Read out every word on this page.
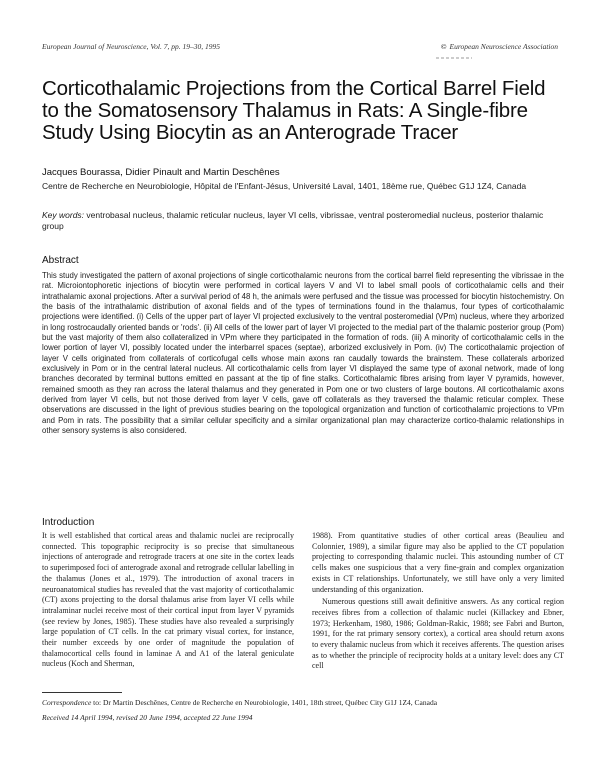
European Journal of Neuroscience, Vol. 7, pp. 19–30, 1995	© European Neuroscience Association
Corticothalamic Projections from the Cortical Barrel Field to the Somatosensory Thalamus in Rats: A Single-fibre Study Using Biocytin as an Anterograde Tracer
Jacques Bourassa, Didier Pinault and Martin Deschênes
Centre de Recherche en Neurobiologie, Hôpital de l'Enfant-Jésus, Université Laval, 1401, 18ème rue, Québec G1J 1Z4, Canada
Key words: ventrobasal nucleus, thalamic reticular nucleus, layer VI cells, vibrissae, ventral posteromedial nucleus, posterior thalamic group
Abstract
This study investigated the pattern of axonal projections of single corticothalamic neurons from the cortical barrel field representing the vibrissae in the rat. Microiontophoretic injections of biocytin were performed in cortical layers V and VI to label small pools of corticothalamic cells and their intrathalamic axonal projections. After a survival period of 48 h, the animals were perfused and the tissue was processed for biocytin histochemistry. On the basis of the intrathalamic distribution of axonal fields and of the types of terminations found in the thalamus, four types of corticothalamic projections were identified. (i) Cells of the upper part of layer VI projected exclusively to the ventral posteromedial (VPm) nucleus, where they arborized in long rostrocaudally oriented bands or 'rods'. (ii) All cells of the lower part of layer VI projected to the medial part of the thalamic posterior group (Pom) but the vast majority of them also collateralized in VPm where they participated in the formation of rods. (iii) A minority of corticothalamic cells in the lower portion of layer VI, possibly located under the interbarrel spaces (septae), arborized exclusively in Pom. (iv) The corticothalamic projection of layer V cells originated from collaterals of corticofugal cells whose main axons ran caudally towards the brainstem. These collaterals arborized exclusively in Pom or in the central lateral nucleus. All corticothalamic cells from layer VI displayed the same type of axonal network, made of long branches decorated by terminal buttons emitted en passant at the tip of fine stalks. Corticothalamic fibres arising from layer V pyramids, however, remained smooth as they ran across the lateral thalamus and they generated in Pom one or two clusters of large boutons. All corticothalamic axons derived from layer VI cells, but not those derived from layer V cells, gave off collaterals as they traversed the thalamic reticular complex. These observations are discussed in the light of previous studies bearing on the topological organization and function of corticothalamic projections to VPm and Pom in rats. The possibility that a similar cellular specificity and a similar organizational plan may characterize cortico-thalamic relationships in other sensory systems is also considered.
Introduction

It is well established that cortical areas and thalamic nuclei are reciprocally connected. This topographic reciprocity is so precise that simultaneous injections of anterograde and retrograde tracers at one site in the cortex leads to superimposed foci of anterograde axonal and retrograde cellular labelling in the thalamus (Jones et al., 1979). The introduction of axonal tracers in neuroanatomical studies has revealed that the vast majority of corticothalamic (CT) axons projecting to the dorsal thalamus arise from layer VI cells while intralaminar nuclei receive most of their cortical input from layer V pyramids (see review by Jones, 1985). These studies have also revealed a surprisingly large population of CT cells. In the cat primary visual cortex, for instance, their number exceeds by one order of magnitude the population of thalamocortical cells found in laminae A and A1 of the lateral geniculate nucleus (Koch and Sherman,

1988). From quantitative studies of other cortical areas (Beaulieu and Colonnier, 1989), a similar figure may also be applied to the CT population projecting to corresponding thalamic nuclei. This astounding number of CT cells makes one suspicious that a very fine-grain and complex organization exists in CT relationships. Unfortunately, we still have only a very limited understanding of this organization.

Numerous questions still await definitive answers. As any cortical region receives fibres from a collection of thalamic nuclei (Killackey and Ebner, 1973; Herkenham, 1980, 1986; Goldman-Rakic, 1988; see Fabri and Burton, 1991, for the rat primary sensory cortex), a cortical area should return axons to every thalamic nucleus from which it receives afferents. The question arises as to whether the principle of reciprocity holds at a unitary level: does any CT cell

Correspondence to: Dr Martin Deschênes, Centre de Recherche en Neurobiologie, 1401, 18th street, Québec City G1J 1Z4, Canada
Received 14 April 1994, revised 20 June 1994, accepted 22 June 1994
